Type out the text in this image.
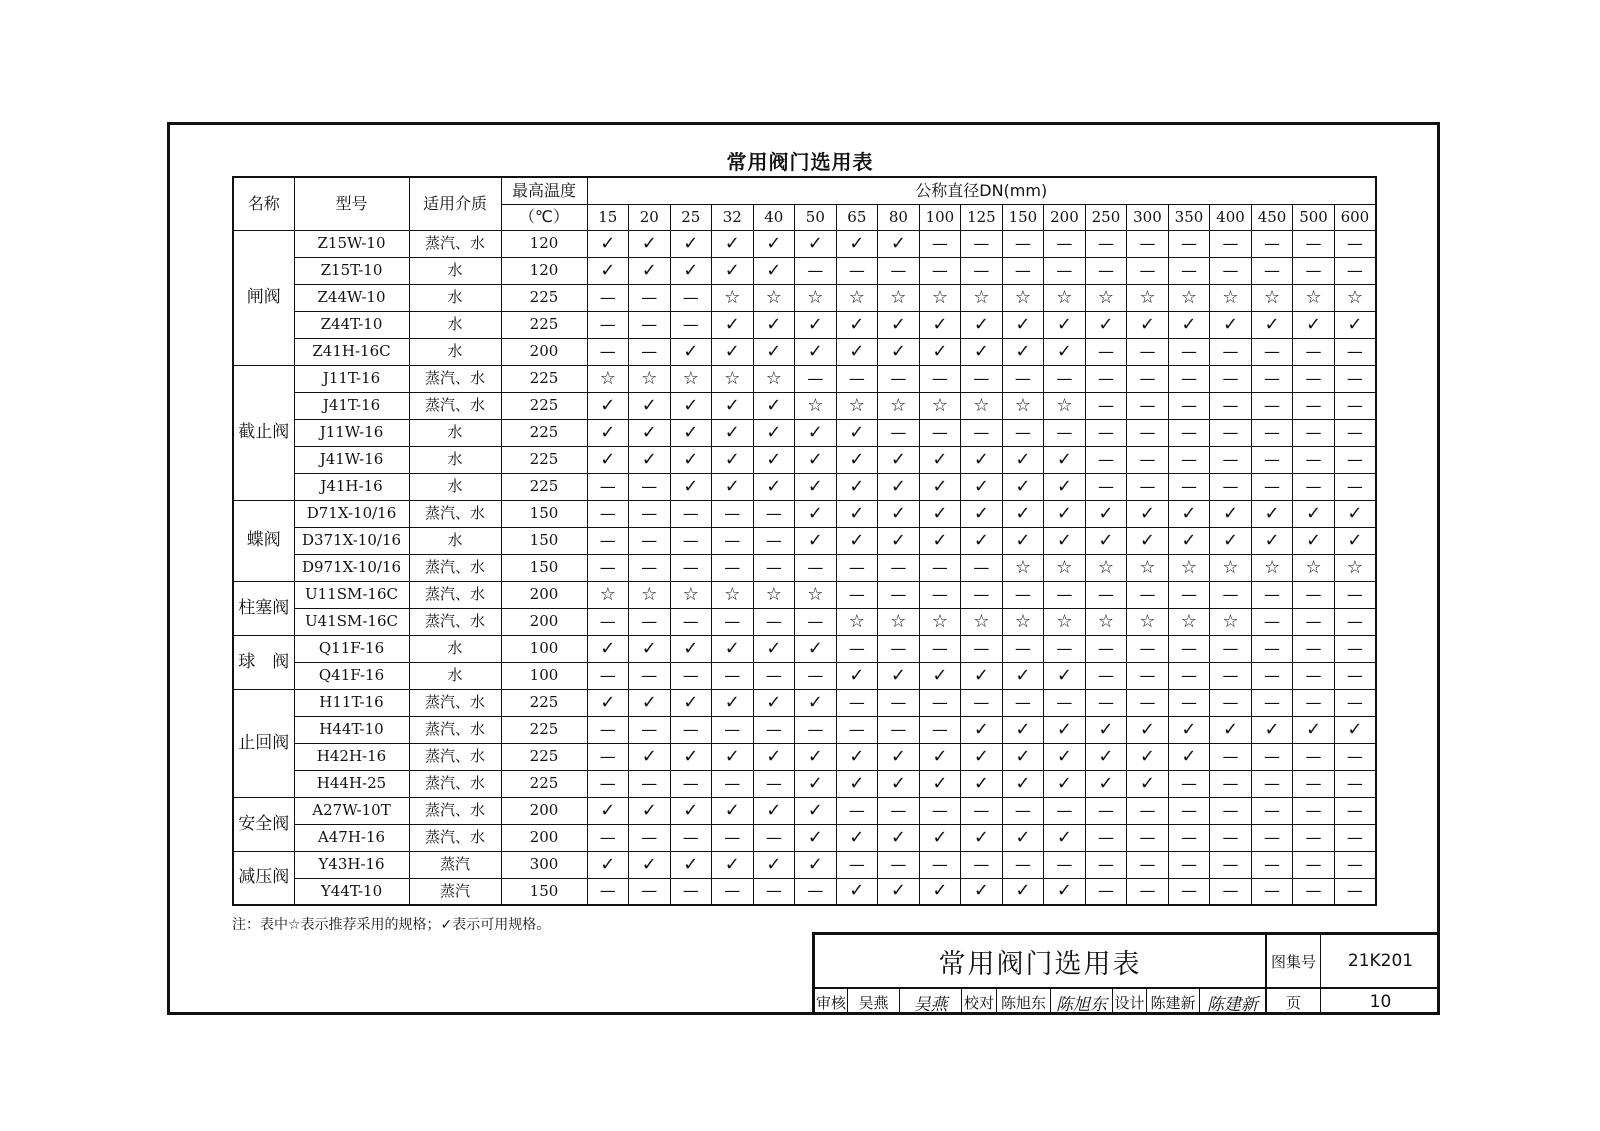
常用阀门选用表
名称	型号	适用介质	最高温度	公称直径DN(mm)																		
			（℃）	15	20	25	32	40	50	65	80	100	125	150	200	250	300	350	400	450	500	600
闸阀	Z15W-10	蒸汽、水	120	✓	✓	✓	✓	✓	✓	✓	✓	—	—	—	—	—	—	—	—	—	—	—
	Z15T-10	水	120	✓	✓	✓	✓	✓	—	—	—	—	—	—	—	—	—	—	—	—	—	—
	Z44W-10	水	225	—	—	—	☆	☆	☆	☆	☆	☆	☆	☆	☆	☆	☆	☆	☆	☆	☆	☆
	Z44T-10	水	225	—	—	—	✓	✓	✓	✓	✓	✓	✓	✓	✓	✓	✓	✓	✓	✓	✓	✓
	Z41H-16C	水	200	—	—	✓	✓	✓	✓	✓	✓	✓	✓	✓	✓	—	—	—	—	—	—	—
截止阀	J11T-16	蒸汽、水	225	☆	☆	☆	☆	☆	—	—	—	—	—	—	—	—	—	—	—	—	—	—
	J41T-16	蒸汽、水	225	✓	✓	✓	✓	✓	☆	☆	☆	☆	☆	☆	☆	—	—	—	—	—	—	—
	J11W-16	水	225	✓	✓	✓	✓	✓	✓	✓	—	—	—	—	—	—	—	—	—	—	—	—
	J41W-16	水	225	✓	✓	✓	✓	✓	✓	✓	✓	✓	✓	✓	✓	—	—	—	—	—	—	—
	J41H-16	水	225	—	—	✓	✓	✓	✓	✓	✓	✓	✓	✓	✓	—	—	—	—	—	—	—
蝶阀	D71X-10/16	蒸汽、水	150	—	—	—	—	—	✓	✓	✓	✓	✓	✓	✓	✓	✓	✓	✓	✓	✓	✓
	D371X-10/16	水	150	—	—	—	—	—	✓	✓	✓	✓	✓	✓	✓	✓	✓	✓	✓	✓	✓	✓
	D971X-10/16	蒸汽、水	150	—	—	—	—	—	—	—	—	—	—	☆	☆	☆	☆	☆	☆	☆	☆	☆
柱塞阀	U11SM-16C	蒸汽、水	200	☆	☆	☆	☆	☆	☆	—	—	—	—	—	—	—	—	—	—	—	—	—
	U41SM-16C	蒸汽、水	200	—	—	—	—	—	—	☆	☆	☆	☆	☆	☆	☆	☆	☆	☆	—	—	—
球　阀	Q11F-16	水	100	✓	✓	✓	✓	✓	✓	—	—	—	—	—	—	—	—	—	—	—	—	—
	Q41F-16	水	100	—	—	—	—	—	—	✓	✓	✓	✓	✓	✓	—	—	—	—	—	—	—
止回阀	H11T-16	蒸汽、水	225	✓	✓	✓	✓	✓	✓	—	—	—	—	—	—	—	—	—	—	—	—	—
	H44T-10	蒸汽、水	225	—	—	—	—	—	—	—	—	—	✓	✓	✓	✓	✓	✓	✓	✓	✓	✓
	H42H-16	蒸汽、水	225	—	✓	✓	✓	✓	✓	✓	✓	✓	✓	✓	✓	✓	✓	✓	—	—	—	—
	H44H-25	蒸汽、水	225	—	—	—	—	—	✓	✓	✓	✓	✓	✓	✓	✓	✓	—	—	—	—	—
安全阀	A27W-10T	蒸汽、水	200	✓	✓	✓	✓	✓	✓	—	—	—	—	—	—	—	—	—	—	—	—	—
	A47H-16	蒸汽、水	200	—	—	—	—	—	✓	✓	✓	✓	✓	✓	✓	—	—	—	—	—	—	—
减压阀	Y43H-16	蒸汽	300	✓	✓	✓	✓	✓	✓	—	—	—	—	—	—	—	—	—	—	—	—	—
	Y44T-10	蒸汽	150	—	—	—	—	—	—	✓	✓	✓	✓	✓	✓	—	—	—	—	—	—	—
注：表中☆表示推荐采用的规格；✓表示可用规格。
常用阀门选用表	图集号	21K201
审核 吴燕	吴燕	校对 陈旭东 陈旭东 设计 陈建新 陈建新	页	10
